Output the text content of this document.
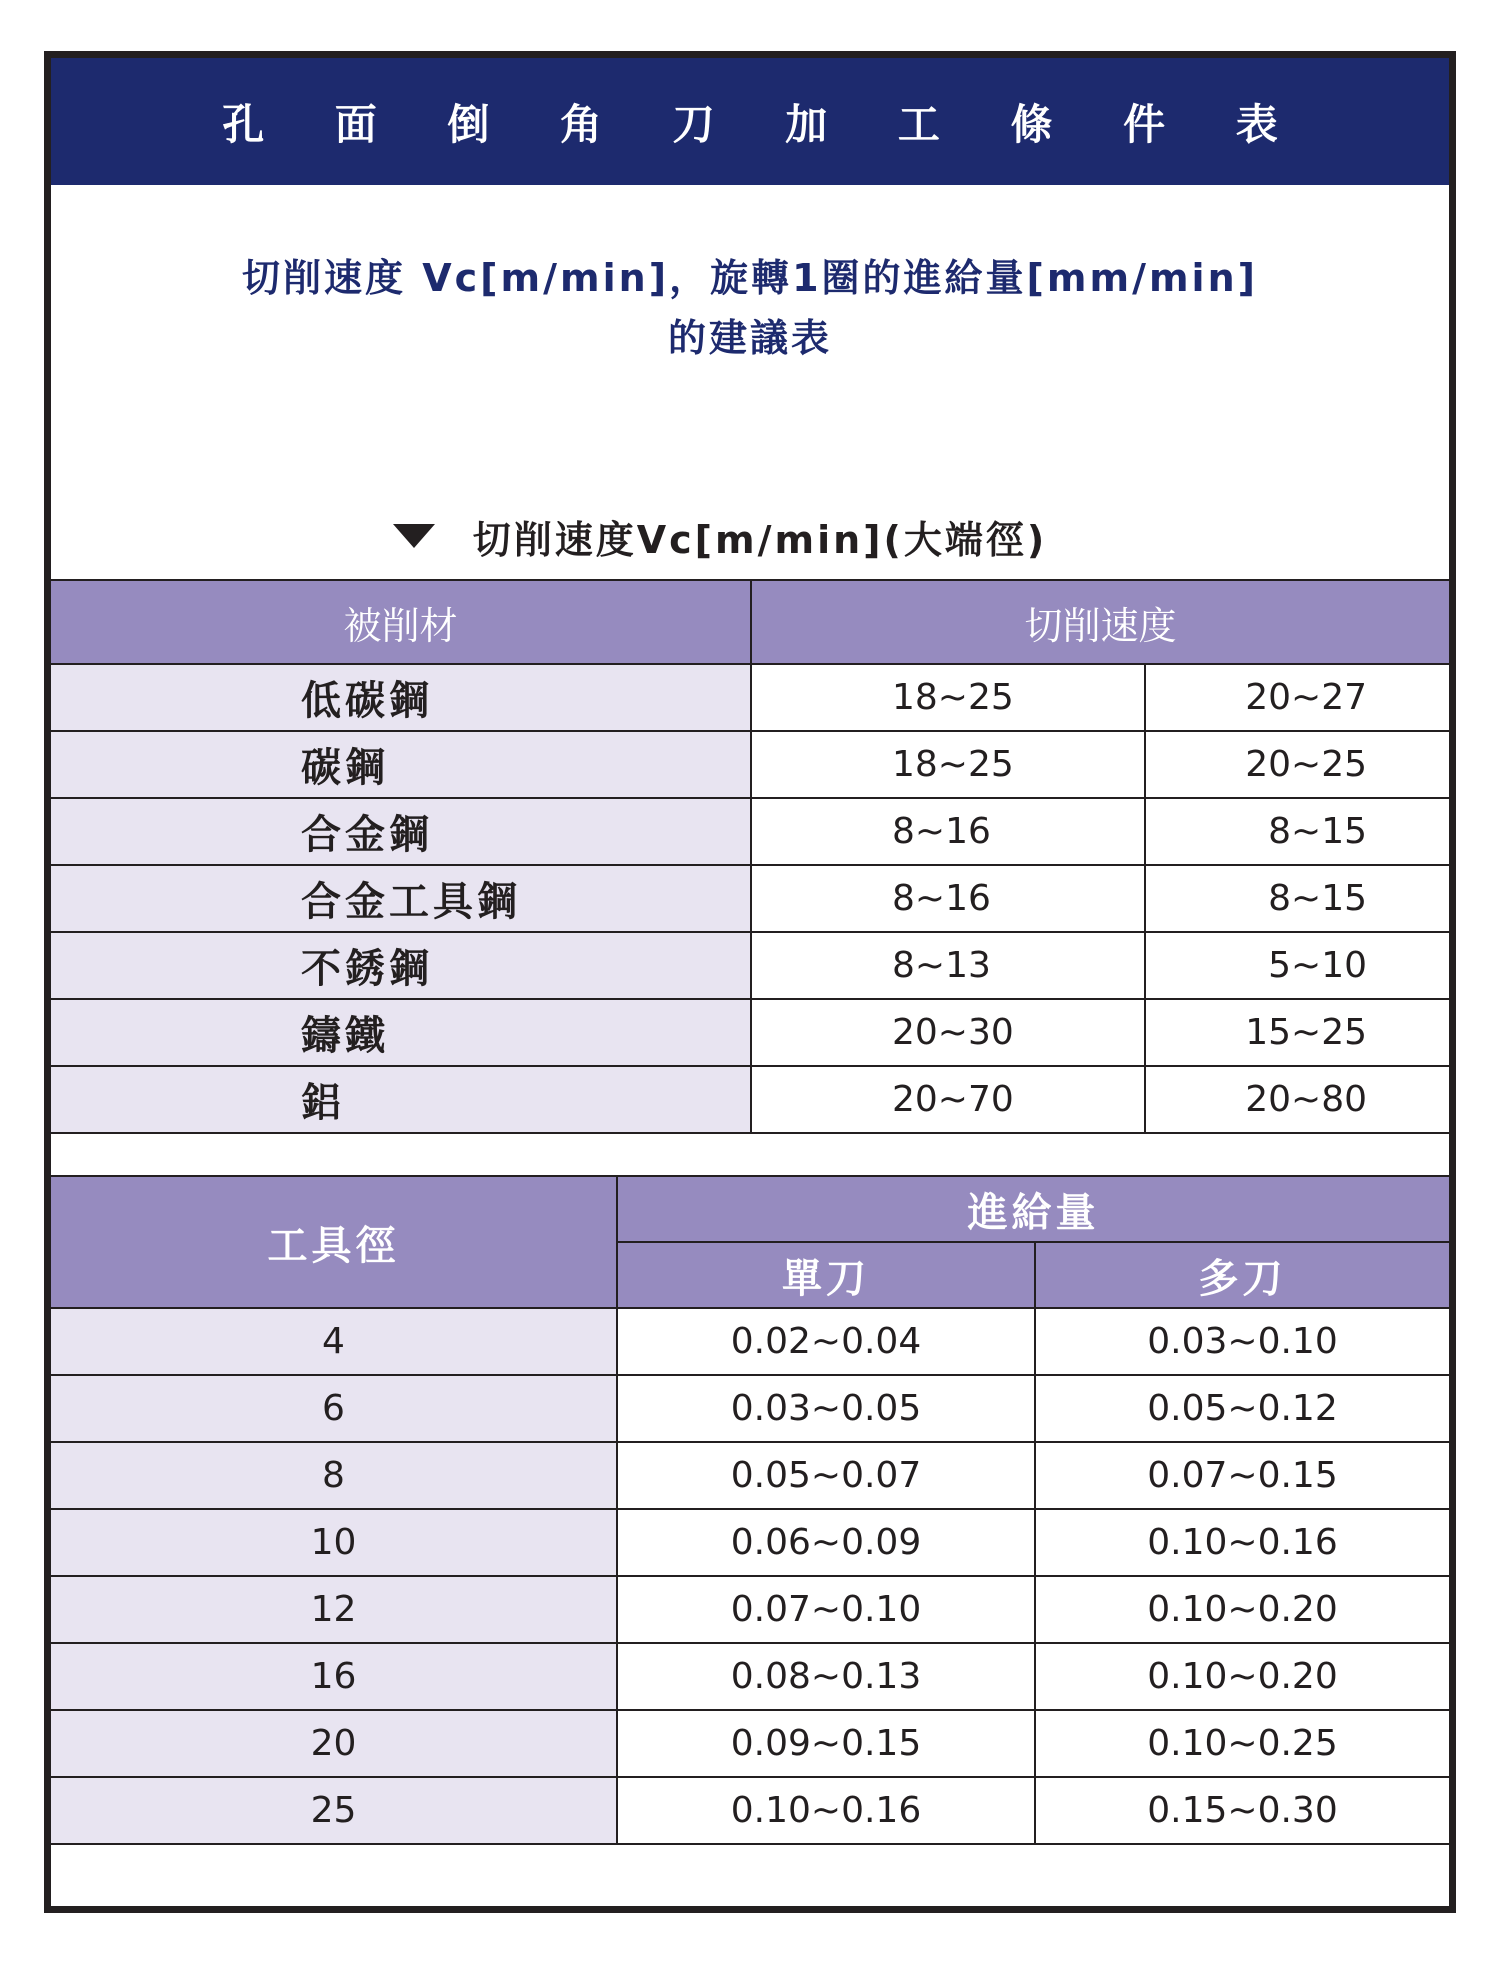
孔 面 倒 角 刀 加 工 條 件 表
切削速度 Vc[m/min]，旋轉1圈的進給量[mm/min]
的建議表
切削速度Vc[m/min](大端徑)
被削材	切削速度	
低碳鋼	18~25	20~27
碳鋼	18~25	20~25
合金鋼	8~16	8~15
合金工具鋼	8~16	8~15
不銹鋼	8~13	5~10
鑄鐵	20~30	15~25
鋁	20~70	20~80
工具徑	進給量	
	單刀	多刀
4	0.02~0.04	0.03~0.10
6	0.03~0.05	0.05~0.12
8	0.05~0.07	0.07~0.15
10	0.06~0.09	0.10~0.16
12	0.07~0.10	0.10~0.20
16	0.08~0.13	0.10~0.20
20	0.09~0.15	0.10~0.25
25	0.10~0.16	0.15~0.30
